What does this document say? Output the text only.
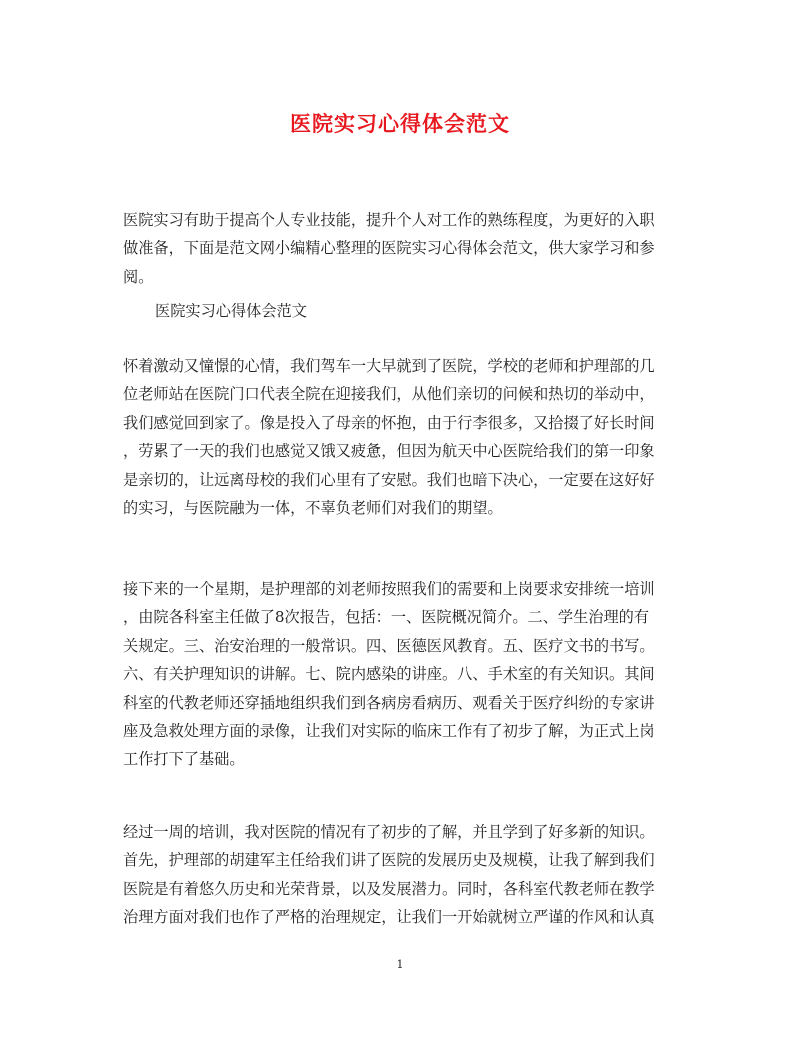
医院实习心得体会范文
医院实习有助于提高个人专业技能，提升个人对工作的熟练程度，为更好的入职
做准备，下面是范文网小编精心整理的医院实习心得体会范文，供大家学习和参
阅。
医院实习心得体会范文
怀着激动又憧憬的心情，我们驾车一大早就到了医院，学校的老师和护理部的几
位老师站在医院门口代表全院在迎接我们，从他们亲切的问候和热切的举动中，
我们感觉回到家了。像是投入了母亲的怀抱，由于行李很多，又拾掇了好长时间
，劳累了一天的我们也感觉又饿又疲惫，但因为航天中心医院给我们的第一印象
是亲切的，让远离母校的我们心里有了安慰。我们也暗下决心，一定要在这好好
的实习，与医院融为一体，不辜负老师们对我们的期望。
接下来的一个星期，是护理部的刘老师按照我们的需要和上岗要求安排统一培训
，由院各科室主任做了8次报告，包括：一、医院概况简介。二、学生治理的有
关规定。三、治安治理的一般常识。四、医德医风教育。五、医疗文书的书写。
六、有关护理知识的讲解。七、院内感染的讲座。八、手术室的有关知识。其间
科室的代教老师还穿插地组织我们到各病房看病历、观看关于医疗纠纷的专家讲
座及急救处理方面的录像，让我们对实际的临床工作有了初步了解，为正式上岗
工作打下了基础。
经过一周的培训，我对医院的情况有了初步的了解，并且学到了好多新的知识。
首先，护理部的胡建军主任给我们讲了医院的发展历史及规模，让我了解到我们
医院是有着悠久历史和光荣背景，以及发展潜力。同时，各科室代教老师在教学
治理方面对我们也作了严格的治理规定，让我们一开始就树立严谨的作风和认真
1
